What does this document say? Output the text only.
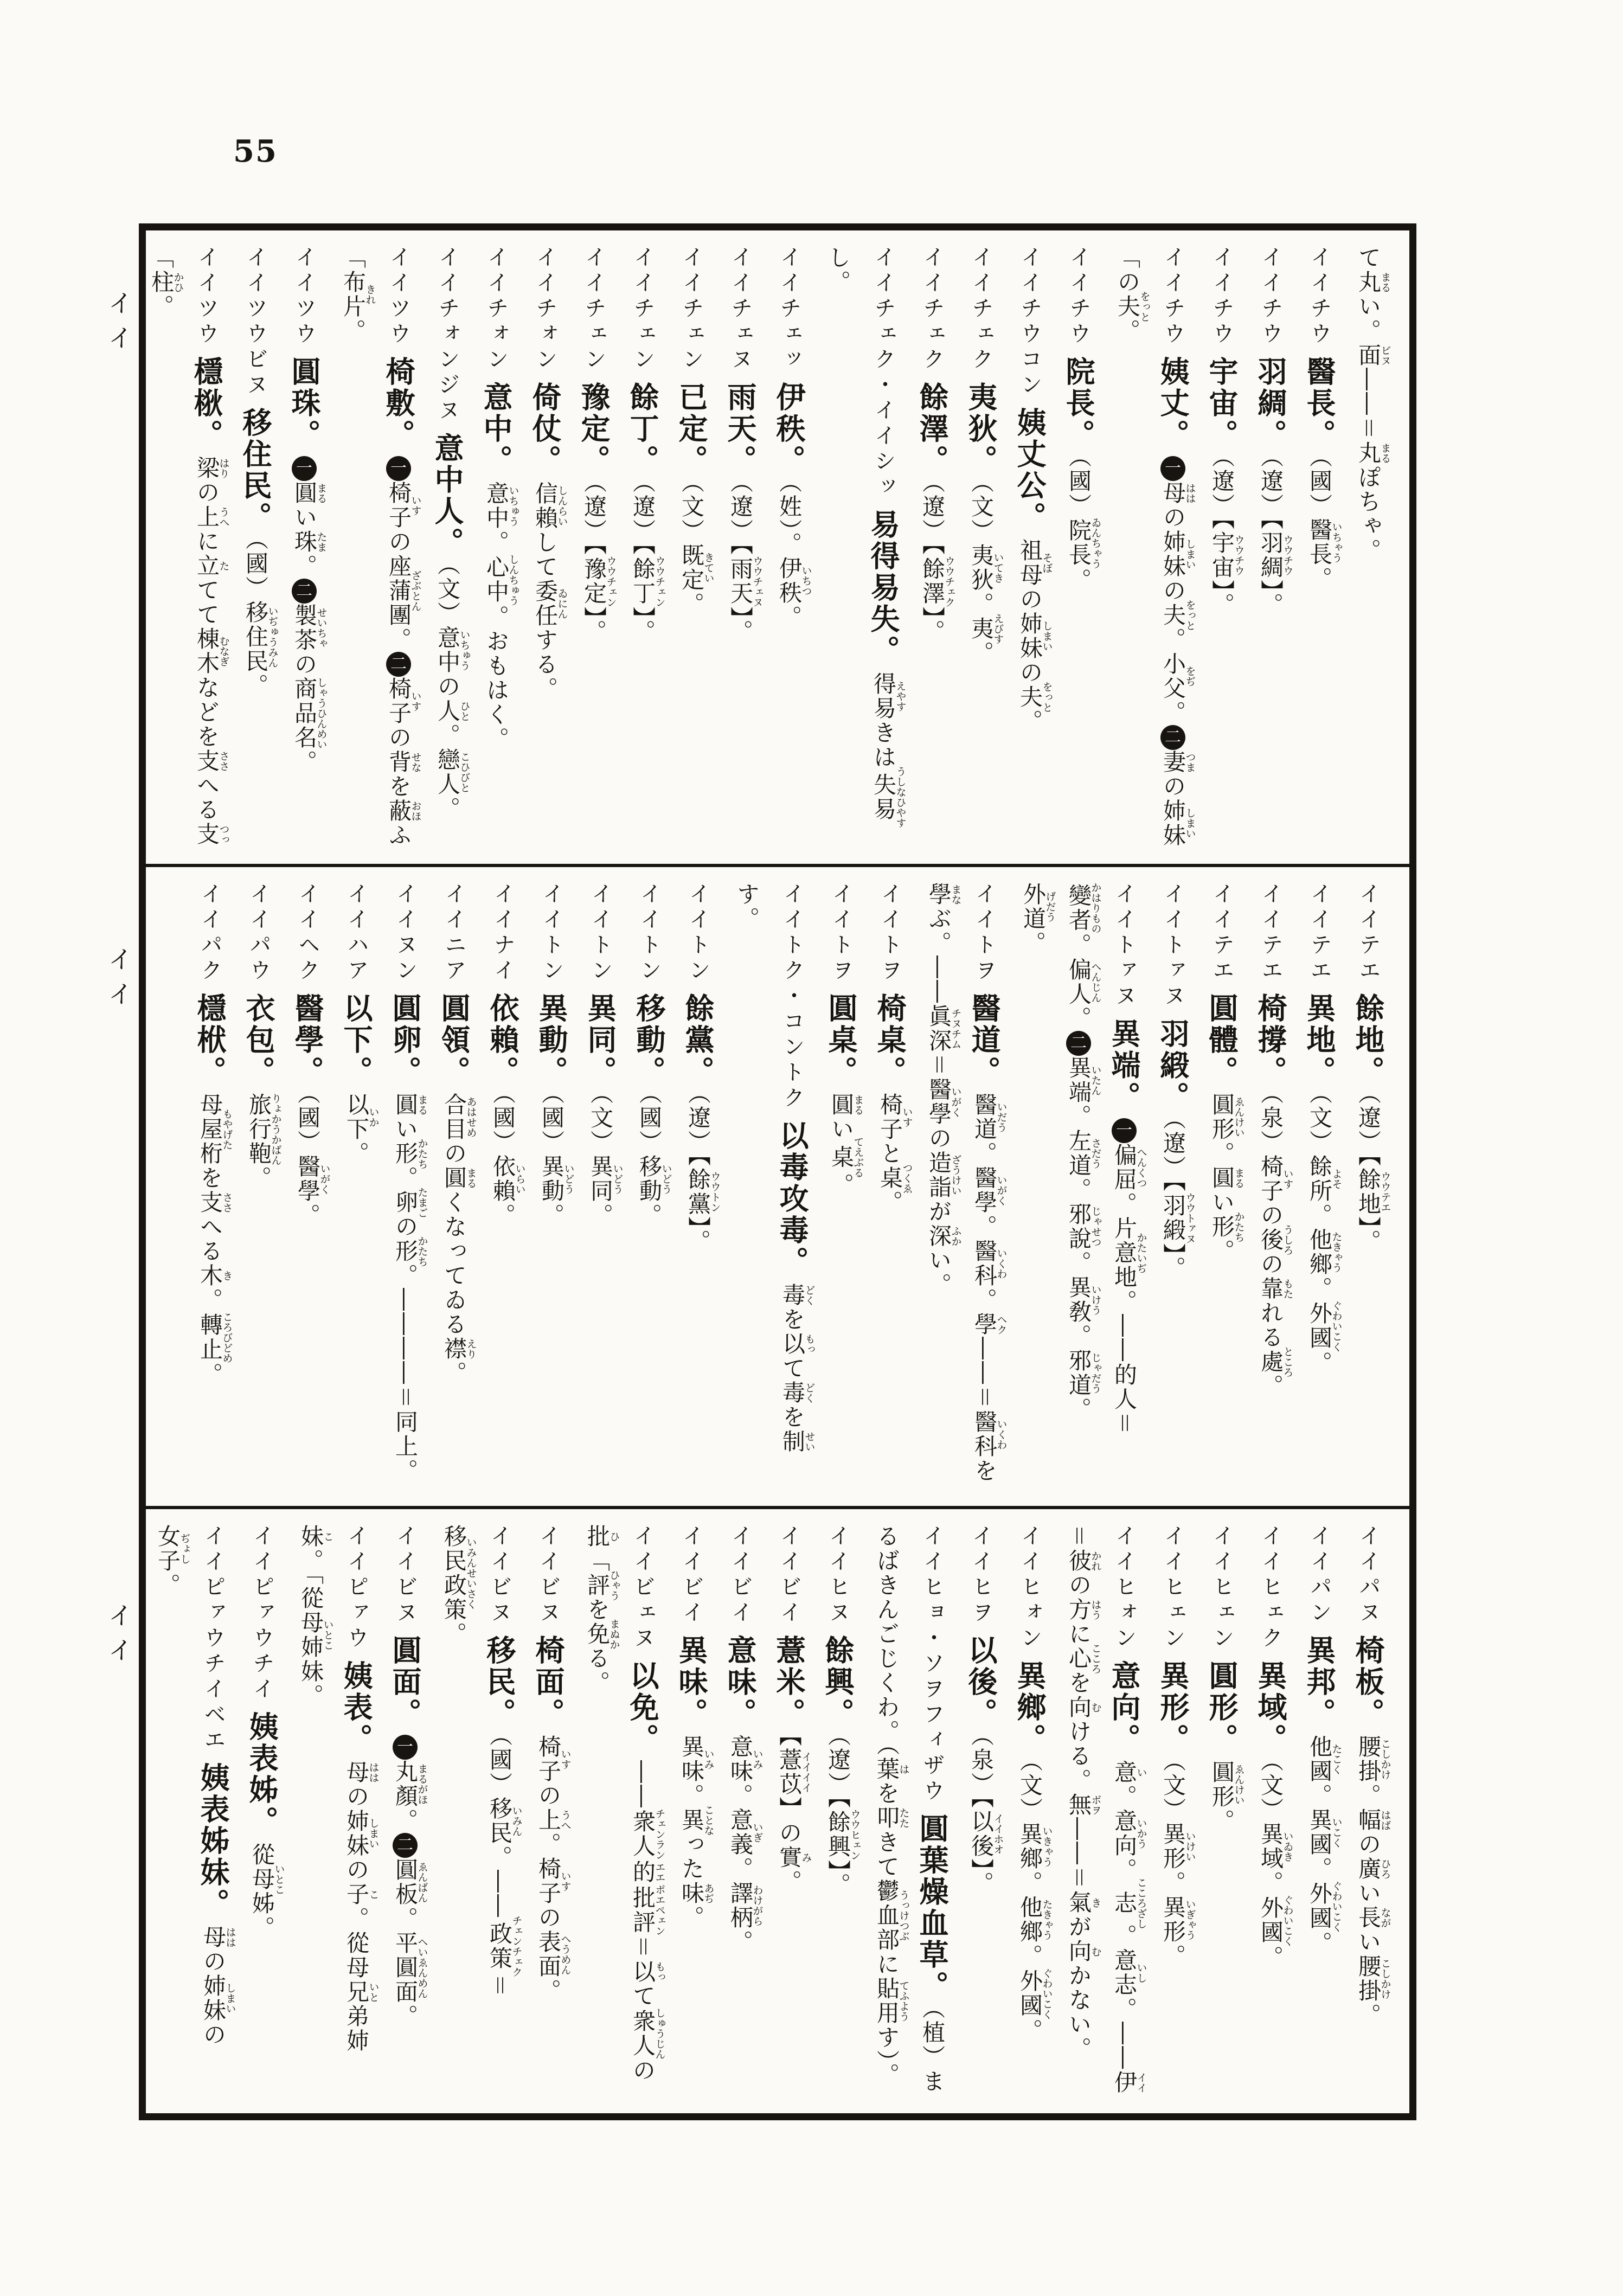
55
イイ
イイ
イイ
て丸まるい。面ビヌ――＝丸まるぽちゃ。
イイチウ醫長。（國）醫長いちゃう。
イイチウ羽綢。（遼）【羽綢ウウチウ】。
イイチウ宇宙。（遼）【宇宙ウウチウ】。
イイチウ姨丈。一母ははの姉妹しまいの夫をっと。小父をぢ。二妻つまの姉妹しまい「の夫をっと。
イイチウ院長。（國）院長ゐんちゃう。
イイチウコン姨丈公。祖母そぼの姉妹しまいの夫をっと。
イイチェク夷狄。（文）夷狄いてき。夷えびす。
イイチェク餘澤。（遼）【餘澤ウウチェク】。
イイチェク・イイシッ易得易失。得易えやすきは失易うしなひやすし。
イイチェッ伊秩。（姓）。伊秩いちつ。
イイチェヌ雨天。（遼）【雨天ウウチェヌ】。
イイチェン已定。（文）既定きてい。
イイチェン餘丁。（遼）【餘丁ウウチェン】。
イイチェン豫定。（遼）【豫定ウウチェン】。
イイチォン倚仗。信賴しんらいして委任ゐにんする。
イイチォン意中。意中いちゅう。心中しんちゅう。おもはく。
イイチォンジヌ意中人。（文）意中いちゅうの人ひと。戀人こひびと。
イイツウ椅敷。一椅子いすの座蒲團ざぶとん。二椅子いすの背せなを蔽おほふ「布片きれ。
イイツウ圓珠。一圓まるい珠たま。二製茶せいちゃの商品名しゃうひんめい。
イイツウビヌ移住民。（國）移住民いぢゅうみん。
イイツウ檼梑。梁はりの上うへに立たてて棟木むなぎなどを支ささへる支つっ「柱かひ。
イイテエ餘地。（遼）【餘地ウウテエ】。
イイテエ異地。（文）餘所よそ。他鄉たきゃう。外國ぐわいこく。
イイテエ椅撐。（泉）椅子いすの後うしろの靠もたれる處ところ。
イイテエ圓體。圓形ゑんけい。圓まるい形かたち。
イイトァヌ羽緞。（遼）【羽緞ウウトァヌ】。
イイトァヌ異端。一偏屈へんくつ。片意地かたいぢ。――的人＝變者かはりもの。偏人へんじん。二異端いたん。左道さだう。邪說じゃせつ。異敎いけう。邪道じゃだう。外道げだう。
イイトヲ醫道。醫道いだう。醫學いがく。醫科いくわ。學ヘク――＝醫科いくわを學まなぶ。――眞深チヌチム＝醫學いがくの造詣ざうけいが深ふかい。
イイトヲ椅桌。椅子いすと桌つくゑ。
イイトヲ圓桌。圓まるい桌てえぶる。
イイトク・コントク以毒攻毒。毒どくを以もって毒どくを制せいす。
イイトン餘黨。（遼）【餘黨ウウトン】。
イイトン移動。（國）移動いどう。
イイトン異同。（文）異同いどう。
イイトン異動。（國）異動いどう。
イイナイ依賴。（國）依賴いらい。
イイニア圓領。合目あはせめの圓まるくなってゐる襟えり。
イイヌン圓卵。圓まるい形かたち。卵たまごの形かたち。――――＝同上。
イイハア以下。以下いか。
イイヘク醫學。（國）醫學いがく。
イイパウ衣包。旅行鞄りょかうかばん。
イイパク檼栿。母屋桁もやげたを支ささへる木き。轉止ころびどめ。
イイパヌ椅板。腰掛こしかけ。幅はばの廣ひろい長ながい腰掛こしかけ。
イイパン異邦。他國たこく。異國いこく。外國ぐわいこく。
イイヒェク異域。（文）異域いゐき。外國ぐわいこく。
イイヒェン圓形。圓形ゑんけい。
イイヒェン異形。（文）異形いけい。異形いぎゃう。
イイヒォン意向。意い。意向いかう。志こころざし。意志いし。――伊イイ＝彼かれの方はうに心こころを向むける。無ボヲ――＝氣きが向むかない。
イイヒォン異鄉。（文）異鄉いきゃう。他鄉たきゃう。外國ぐわいこく。
イイヒヲ以後。（泉）【以後イイホオ】。
イイヒョ・ソヲフィザウ圓葉燥血草。（植）まるばきんごじくわ。（葉はを叩たたきて鬱血部うっけつぶに貼用てふようす）。
イイヒヌ餘興。（遼）【餘興ウウヒェン】。
イイビイ薏米。【薏苡イイイイ】の實み。
イイビイ意味。意味いみ。意義いぎ。譯柄わけがら。
イイビイ異味。異味いみ。異ことなった味あぢ。
イイビェヌ以免。――衆人チェンラン的エエ批評ポエペェン＝以もって衆人しゅうじんの批ひ「評ひゃうを免まぬかる。
イイビヌ椅面。椅子いすの上うへ。椅子いすの表面へうめん。
イイビヌ移民。（國）移民いみん。――政策チェンチェク＝移民政策いみんせいさく。
イイビヌ圓面。一丸顏まるがほ。二圓板ゑんばん。平圓面へいゑんめん。
イイピァウ姨表。母ははの姉妹しまいの子こ。從母兄弟姉妹いとこ。「從母姉妹いとこ。
イイピァウチイ姨表姊。從母姊いとこ。
イイピァウチイベエ姨表姊妹。母ははの姉妹しまいの女子ぢょし。
